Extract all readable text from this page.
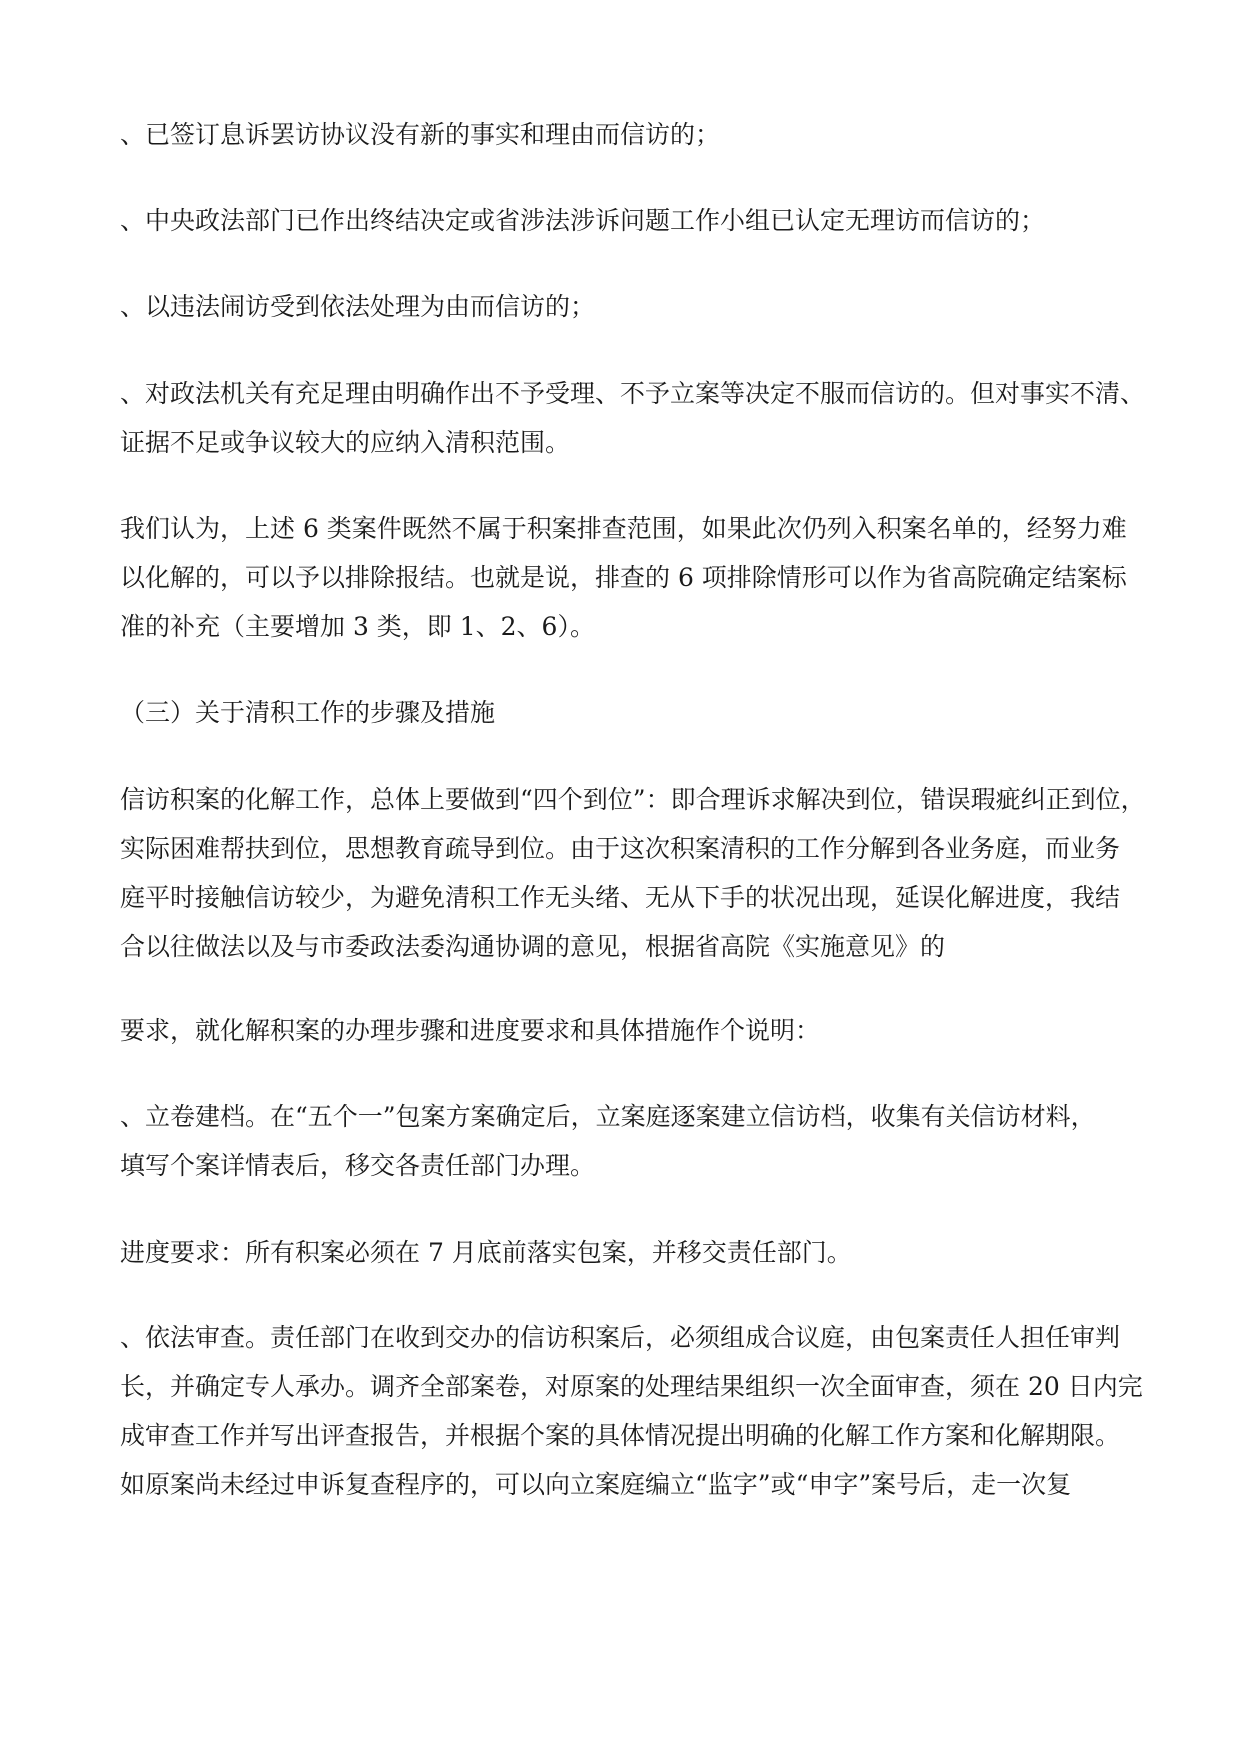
、已签订息诉罢访协议没有新的事实和理由而信访的；
、中央政法部门已作出终结决定或省涉法涉诉问题工作小组已认定无理访而信访的；
、以违法闹访受到依法处理为由而信访的；
、对政法机关有充足理由明确作出不予受理、不予立案等决定不服而信访的。但对事实不清、
证据不足或争议较大的应纳入清积范围。
我们认为，上述 6 类案件既然不属于积案排查范围，如果此次仍列入积案名单的，经努力难
以化解的，可以予以排除报结。也就是说，排查的 6 项排除情形可以作为省高院确定结案标
准的补充（主要增加 3 类，即 1、2、6）。
（三）关于清积工作的步骤及措施
信访积案的化解工作，总体上要做到“四个到位”：即合理诉求解决到位，错误瑕疵纠正到位，
实际困难帮扶到位，思想教育疏导到位。由于这次积案清积的工作分解到各业务庭，而业务
庭平时接触信访较少，为避免清积工作无头绪、无从下手的状况出现，延误化解进度，我结
合以往做法以及与市委政法委沟通协调的意见，根据省高院《实施意见》的
要求，就化解积案的办理步骤和进度要求和具体措施作个说明：
、立卷建档。在“五个一”包案方案确定后，立案庭逐案建立信访档，收集有关信访材料，
填写个案详情表后，移交各责任部门办理。
进度要求：所有积案必须在 7 月底前落实包案，并移交责任部门。
、依法审查。责任部门在收到交办的信访积案后，必须组成合议庭，由包案责任人担任审判
长，并确定专人承办。调齐全部案卷，对原案的处理结果组织一次全面审查，须在 20 日内完
成审查工作并写出评查报告，并根据个案的具体情况提出明确的化解工作方案和化解期限。
如原案尚未经过申诉复查程序的，可以向立案庭编立“监字”或“申字”案号后，走一次复
